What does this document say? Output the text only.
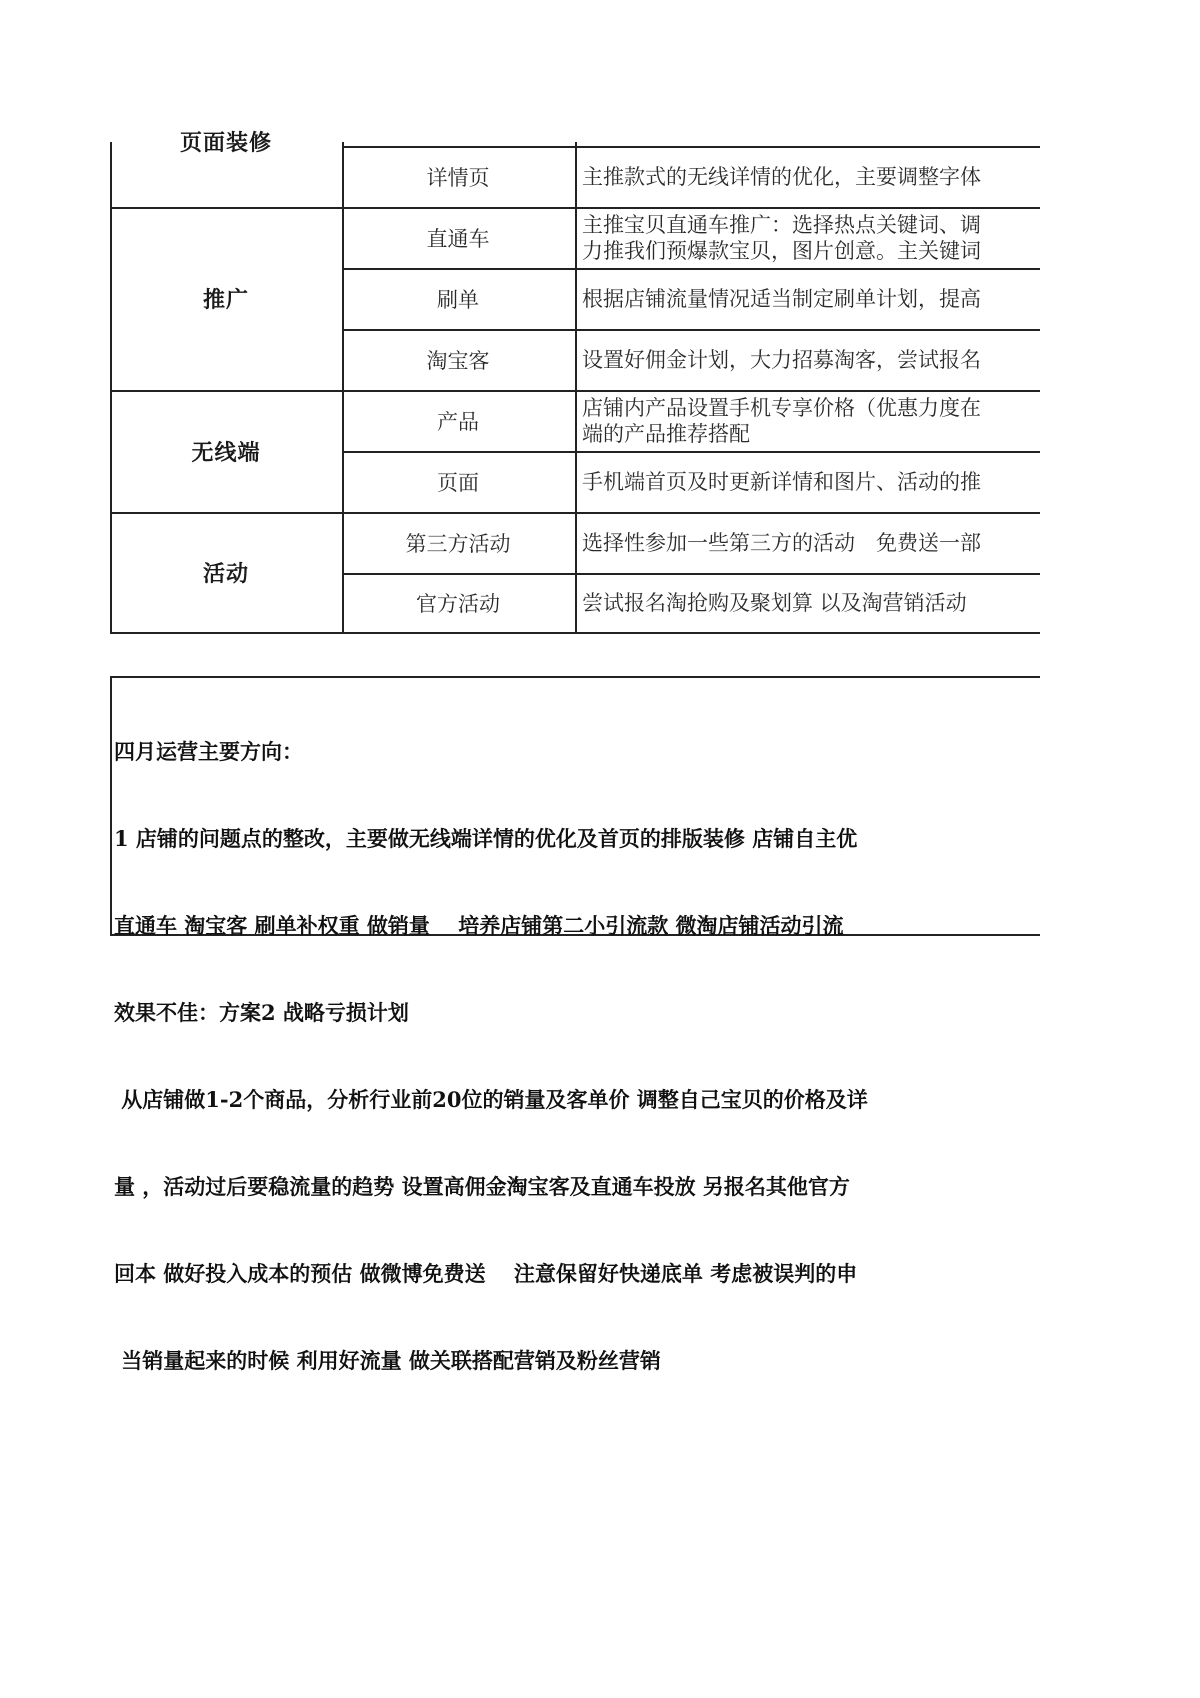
页面装修
推广
无线端
活动
详情页
直通车
刷单
淘宝客
产品
页面
第三方活动
官方活动
主推款式的无线详情的优化，主要调整字体
主推宝贝直通车推广：选择热点关键词、调
力推我们预爆款宝贝，图片创意。主关键词
根据店铺流量情况适当制定刷单计划，提高
设置好佣金计划，大力招募淘客，尝试报名
店铺内产品设置手机专享价格（优惠力度在
端的产品推荐搭配
手机端首页及时更新详情和图片、活动的推
选择性参加一些第三方的活动　免费送一部
尝试报名淘抢购及聚划算 以及淘营销活动

四月运营主要方向：

1 店铺的问题点的整改，主要做无线端详情的优化及首页的排版装修 店铺自主优

直通车 淘宝客 刷单补权重 做销量　 培养店铺第二小引流款 微淘店铺活动引流

效果不佳：方案2 战略亏损计划

从店铺做1-2个商品，分析行业前20位的销量及客单价 调整自己宝贝的价格及详

量 ，活动过后要稳流量的趋势 设置高佣金淘宝客及直通车投放 另报名其他官方

回本 做好投入成本的预估 做微博免费送　 注意保留好快递底单 考虑被误判的申

当销量起来的时候 利用好流量 做关联搭配营销及粉丝营销
